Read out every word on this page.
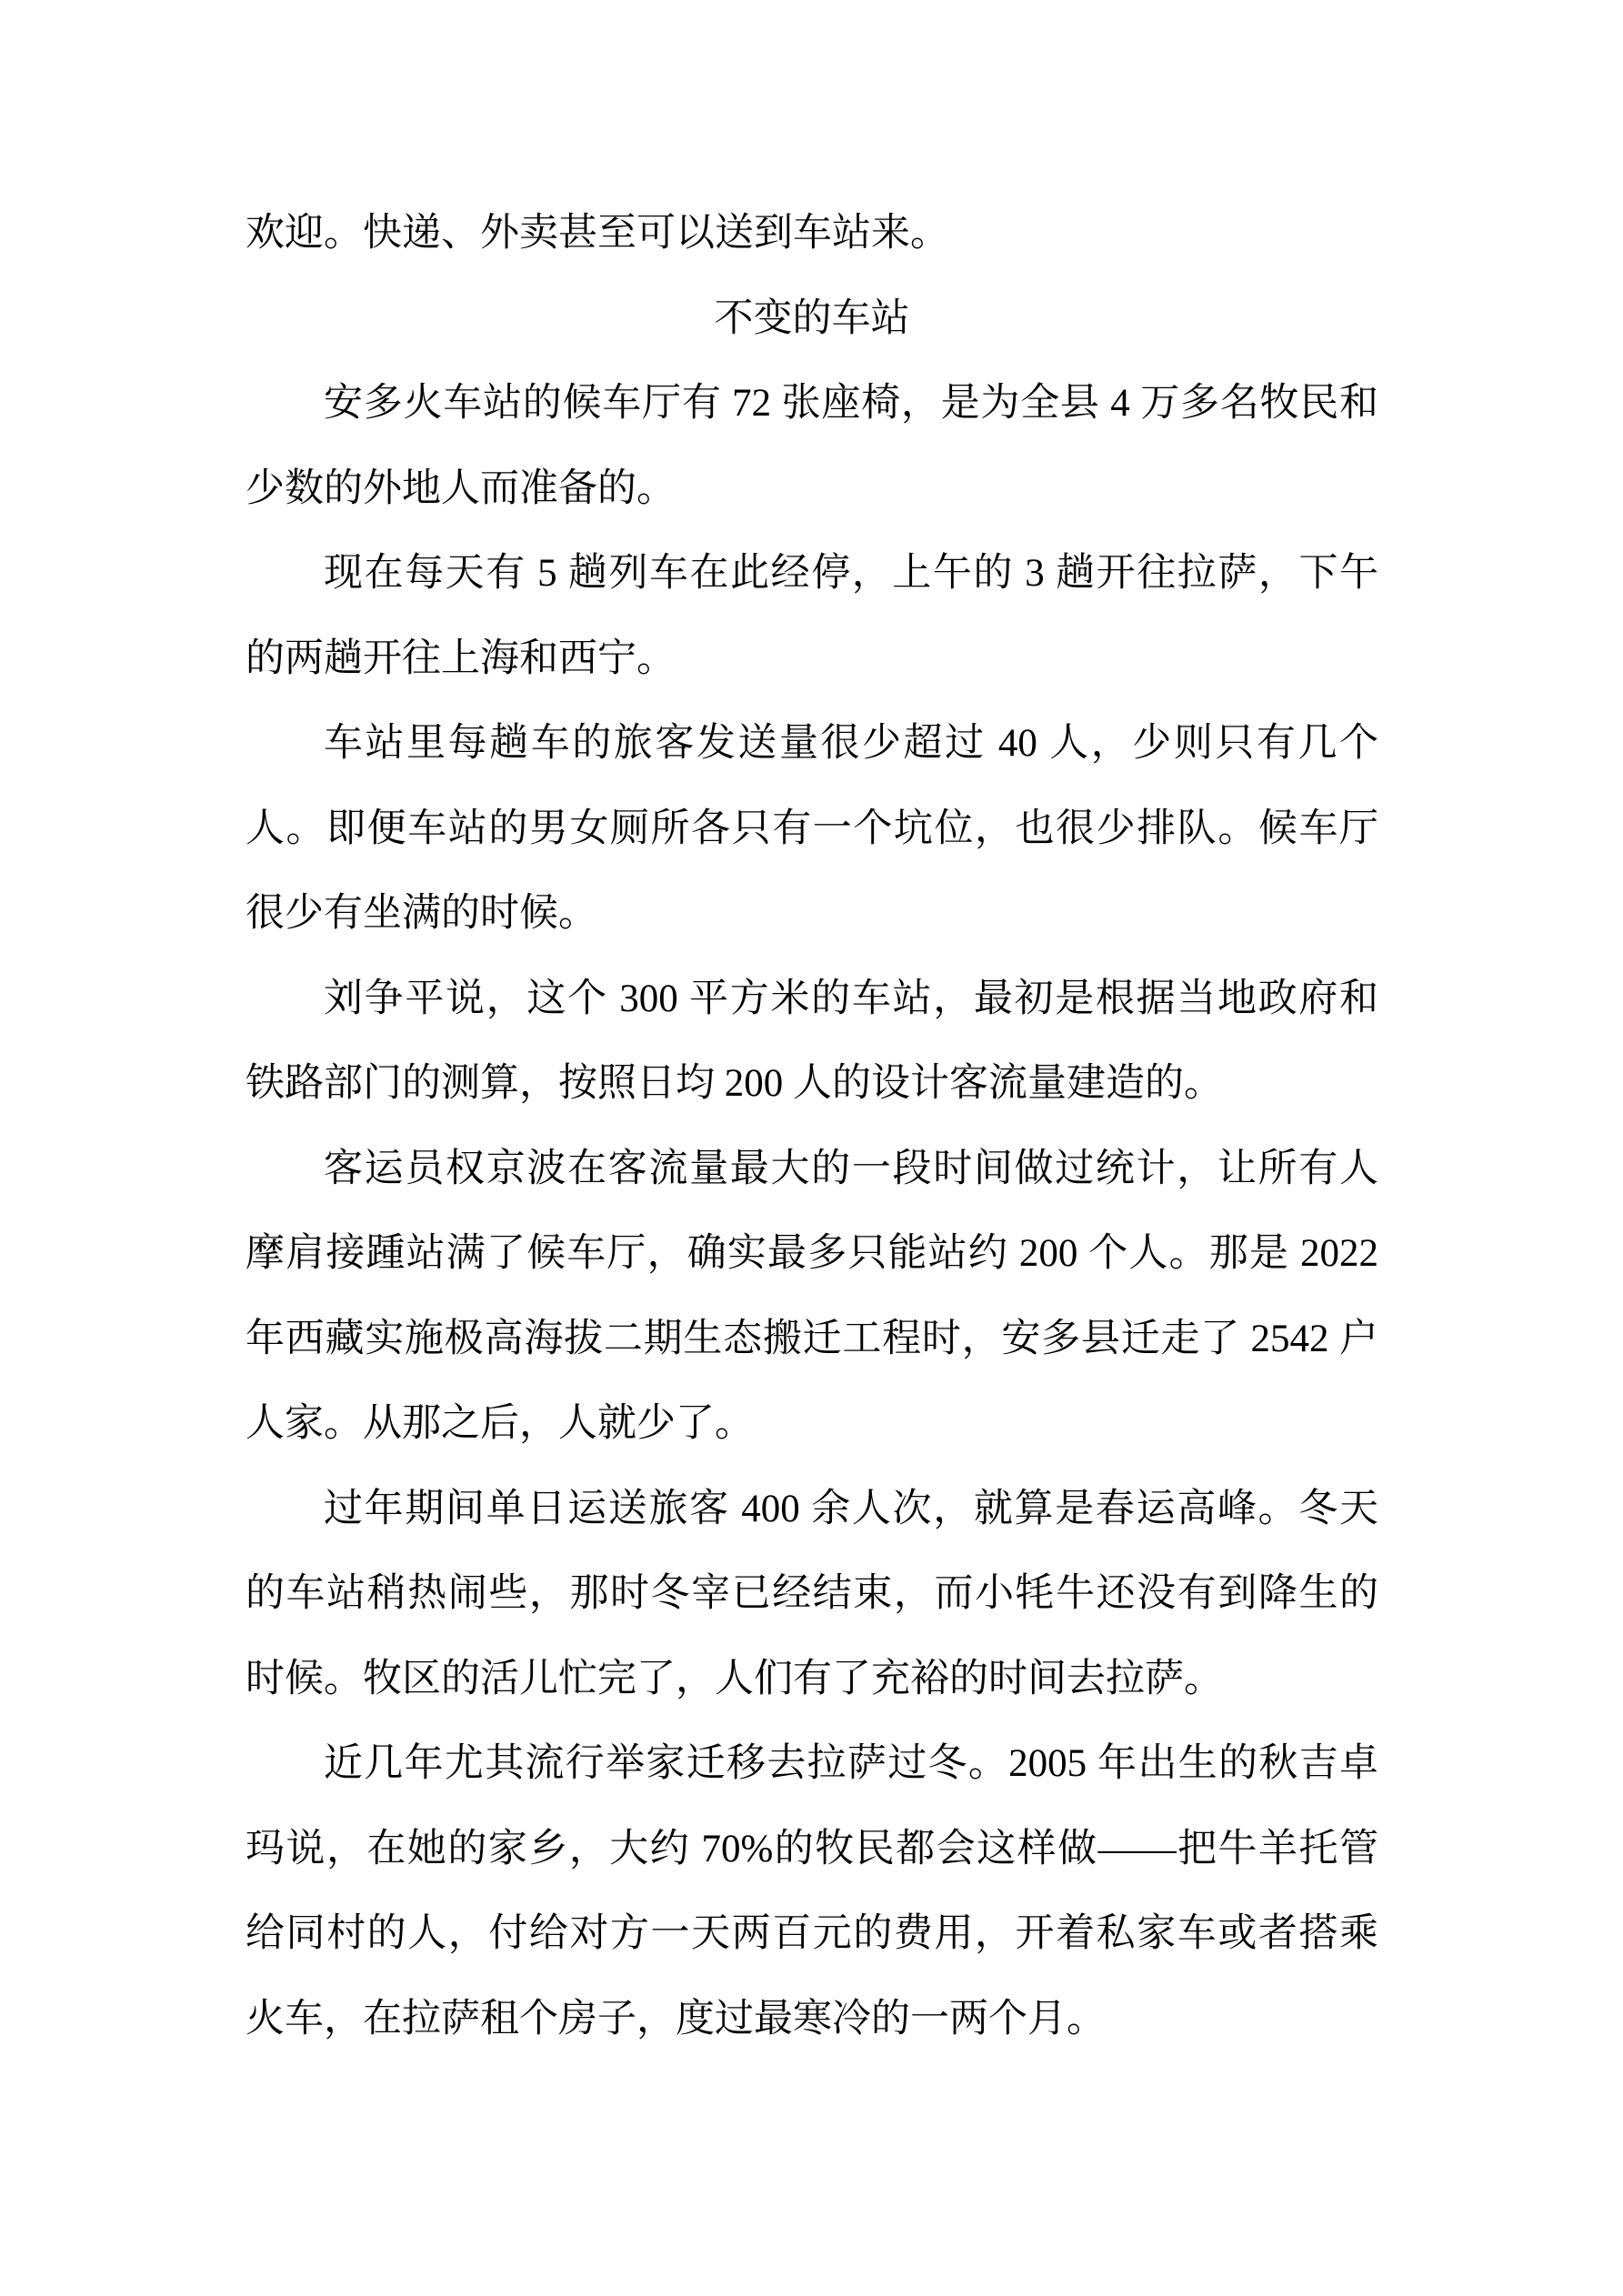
欢迎。快递、外卖甚至可以送到车站来。

不变的车站

安多火车站的候车厅有 72 张座椅，是为全县 4 万多名牧民和少数的外地人而准备的。

现在每天有 5 趟列车在此经停，上午的 3 趟开往拉萨，下午的两趟开往上海和西宁。

车站里每趟车的旅客发送量很少超过 40 人，少则只有几个人。即便车站的男女厕所各只有一个坑位，也很少排队。候车厅很少有坐满的时候。

刘争平说，这个 300 平方米的车站，最初是根据当地政府和铁路部门的测算，按照日均 200 人的设计客流量建造的。

客运员权京波在客流量最大的一段时间做过统计，让所有人摩肩接踵站满了候车厅，确实最多只能站约 200 个人。那是 2022 年西藏实施极高海拔二期生态搬迁工程时，安多县迁走了 2542 户人家。从那之后，人就少了。

过年期间单日运送旅客 400 余人次，就算是春运高峰。冬天的车站稍热闹些，那时冬宰已经结束，而小牦牛还没有到降生的时候。牧区的活儿忙完了，人们有了充裕的时间去拉萨。

近几年尤其流行举家迁移去拉萨过冬。2005 年出生的秋吉卓玛说，在她的家乡，大约 70%的牧民都会这样做——把牛羊托管给同村的人，付给对方一天两百元的费用，开着私家车或者搭乘火车，在拉萨租个房子，度过最寒冷的一两个月。
